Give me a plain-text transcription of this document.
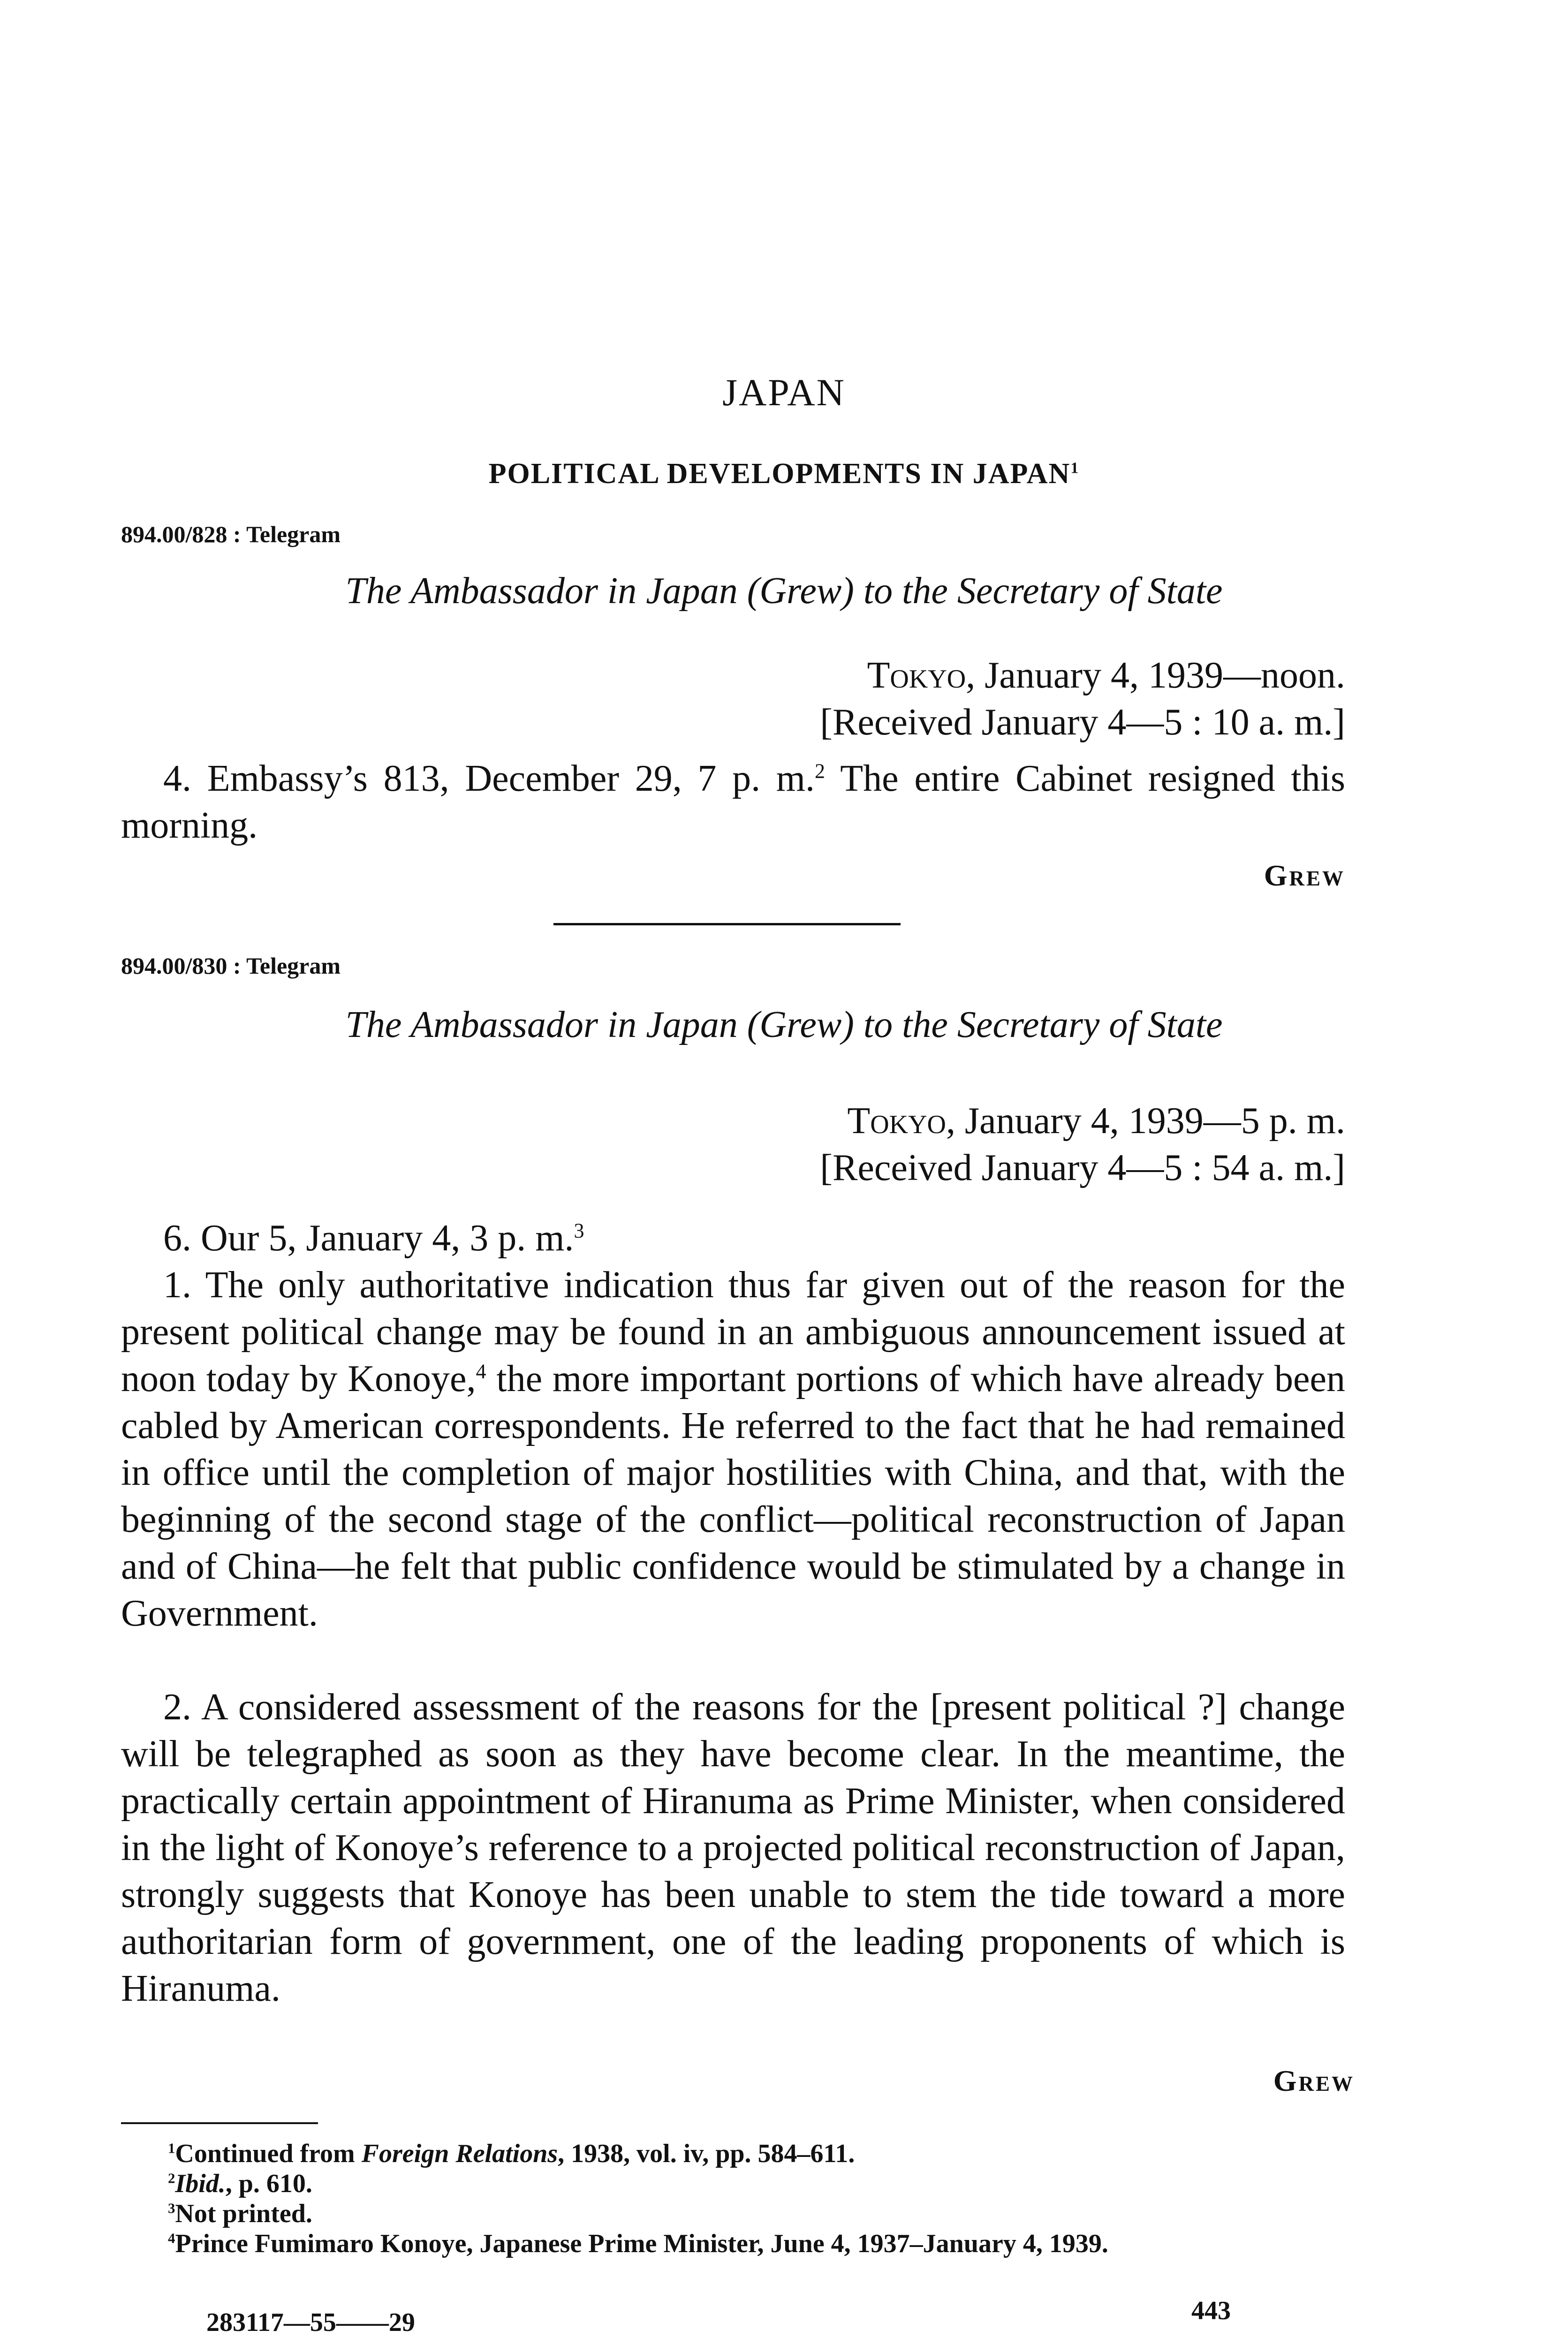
JAPAN
POLITICAL DEVELOPMENTS IN JAPAN$^1$
894.00/828 : Telegram
The Ambassador in Japan (Grew) to the Secretary of State
Tokyo, January 4, 1939—noon.
[Received January 4—5 : 10 a. m.]
4. Embassy’s 813, December 29, 7 p. m.$^2$ The entire Cabinet resigned this morning.
Grew
894.00/830 : Telegram
The Ambassador in Japan (Grew) to the Secretary of State
Tokyo, January 4, 1939—5 p. m.
[Received January 4—5 : 54 a. m.]
6. Our 5, January 4, 3 p. m.$^3$
1. The only authoritative indication thus far given out of the reason for the present political change may be found in an ambiguous announcement issued at noon today by Konoye,$^4$ the more important portions of which have already been cabled by American correspondents. He referred to the fact that he had remained in office until the completion of major hostilities with China, and that, with the beginning of the second stage of the conflict—political reconstruction of Japan and of China—he felt that public confidence would be stimulated by a change in Government.
2. A considered assessment of the reasons for the [present political ?] change will be telegraphed as soon as they have become clear. In the meantime, the practically certain appointment of Hiranuma as Prime Minister, when considered in the light of Konoye’s reference to a projected political reconstruction of Japan, strongly suggests that Konoye has been unable to stem the tide toward a more authoritarian form of government, one of the leading proponents of which is Hiranuma.
Grew
$^1$Continued from Foreign Relations, 1938, vol. iv, pp. 584–611.
$^2$Ibid., p. 610.
$^3$Not printed.
$^4$Prince Fumimaro Konoye, Japanese Prime Minister, June 4, 1937–January 4, 1939.
283117—55——29	443
